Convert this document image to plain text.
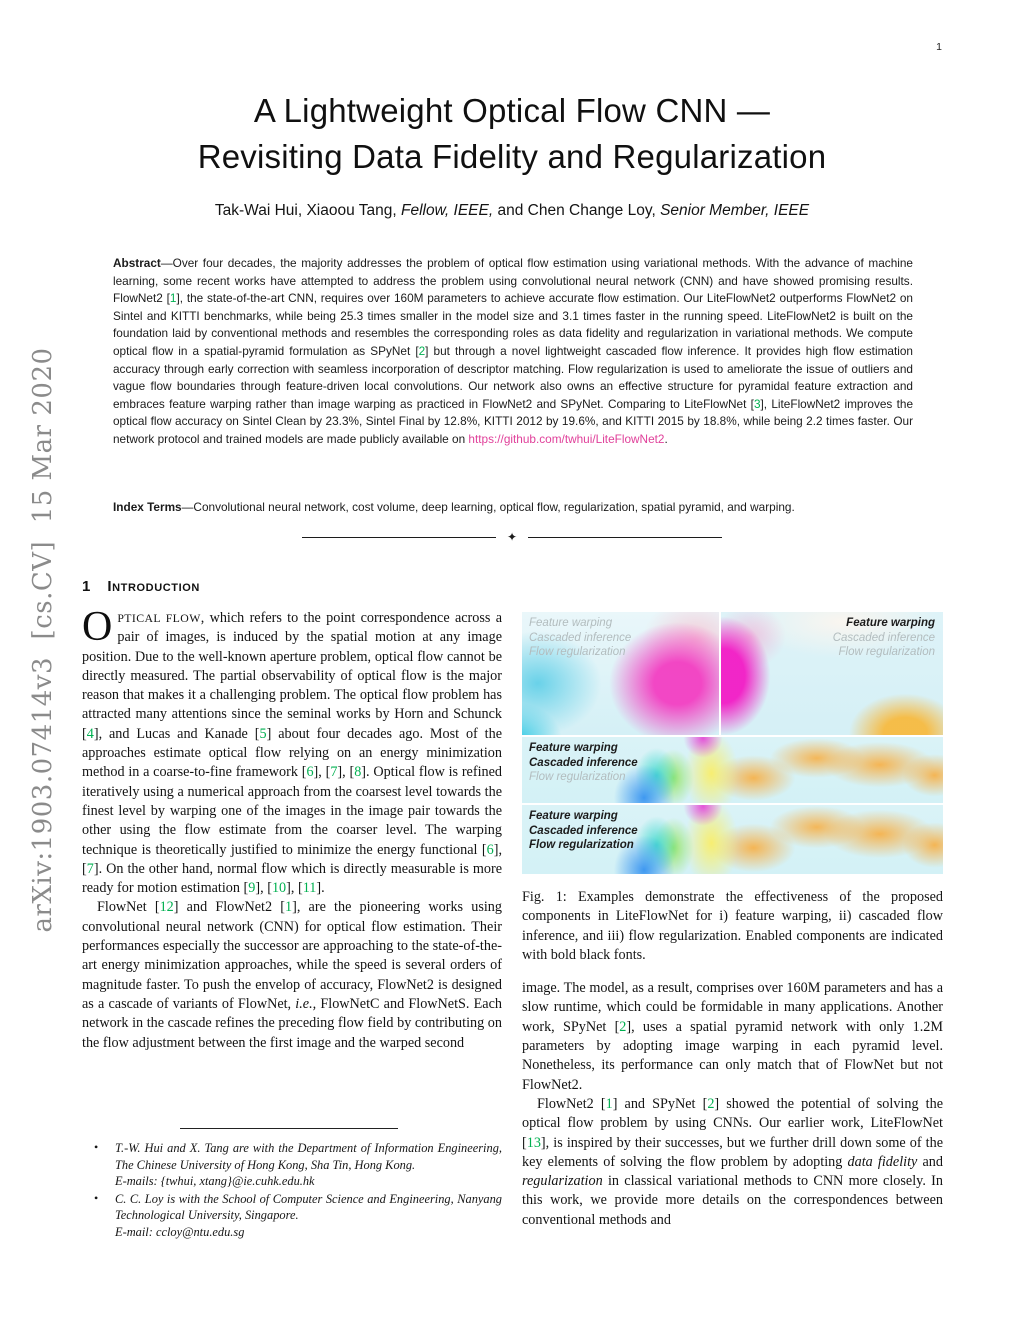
1
arXiv:1903.07414v3  [cs.CV]  15 Mar 2020
A Lightweight Optical Flow CNN —
Revisiting Data Fidelity and Regularization
Tak-Wai Hui, Xiaoou Tang, Fellow, IEEE, and Chen Change Loy, Senior Member, IEEE
Abstract—Over four decades, the majority addresses the problem of optical flow estimation using variational methods. With the advance of machine learning, some recent works have attempted to address the problem using convolutional neural network (CNN) and have showed promising results. FlowNet2 [1], the state-of-the-art CNN, requires over 160M parameters to achieve accurate flow estimation. Our LiteFlowNet2 outperforms FlowNet2 on Sintel and KITTI benchmarks, while being 25.3 times smaller in the model size and 3.1 times faster in the running speed. LiteFlowNet2 is built on the foundation laid by conventional methods and resembles the corresponding roles as data fidelity and regularization in variational methods. We compute optical flow in a spatial-pyramid formulation as SPyNet [2] but through a novel lightweight cascaded flow inference. It provides high flow estimation accuracy through early correction with seamless incorporation of descriptor matching. Flow regularization is used to ameliorate the issue of outliers and vague flow boundaries through feature-driven local convolutions. Our network also owns an effective structure for pyramidal feature extraction and embraces feature warping rather than image warping as practiced in FlowNet2 and SPyNet. Comparing to LiteFlowNet [3], LiteFlowNet2 improves the optical flow accuracy on Sintel Clean by 23.3%, Sintel Final by 12.8%, KITTI 2012 by 19.6%, and KITTI 2015 by 18.8%, while being 2.2 times faster. Our network protocol and trained models are made publicly available on https://github.com/twhui/LiteFlowNet2.
Index Terms—Convolutional neural network, cost volume, deep learning, optical flow, regularization, spatial pyramid, and warping.
✦
1 Introduction
OPTICAL FLOW, which refers to the point correspondence across a pair of images, is induced by the spatial motion at any image position. Due to the well-known aperture problem, optical flow cannot be directly measured. The partial observability of optical flow is the major reason that makes it a challenging problem. The optical flow problem has attracted many attentions since the seminal works by Horn and Schunck [4], and Lucas and Kanade [5] about four decades ago. Most of the approaches estimate optical flow relying on an energy minimization method in a coarse-to-fine framework [6], [7], [8]. Optical flow is refined iteratively using a numerical approach from the coarsest level towards the finest level by warping one of the images in the image pair towards the other using the flow estimate from the coarser level. The warping technique is theoretically justified to minimize the energy functional [6], [7]. On the other hand, normal flow which is directly measurable is more ready for motion estimation [9], [10], [11].
FlowNet [12] and FlowNet2 [1], are the pioneering works using convolutional neural network (CNN) for optical flow estimation. Their performances especially the successor are approaching to the state-of-the-art energy minimization approaches, while the speed is several orders of magnitude faster. To push the envelop of accuracy, FlowNet2 is designed as a cascade of variants of FlowNet, i.e., FlowNetC and FlowNetS. Each network in the cascade refines the preceding flow field by contributing on the flow adjustment between the first image and the warped second
Feature warping
Cascaded inference
Flow regularization
Feature warping
Cascaded inference
Flow regularization
Feature warping
Cascaded inference
Flow regularization
Feature warping
Cascaded inference
Flow regularization
Fig. 1: Examples demonstrate the effectiveness of the proposed components in LiteFlowNet for i) feature warping, ii) cascaded flow inference, and iii) flow regularization. Enabled components are indicated with bold black fonts.
image. The model, as a result, comprises over 160M parameters and has a slow runtime, which could be formidable in many applications. Another work, SPyNet [2], uses a spatial pyramid network with only 1.2M parameters by adopting image warping in each pyramid level. Nonetheless, its performance can only match that of FlowNet but not FlowNet2.
FlowNet2 [1] and SPyNet [2] showed the potential of solving the optical flow problem by using CNNs. Our earlier work, LiteFlowNet [13], is inspired by their successes, but we further drill down some of the key elements of solving the flow problem by adopting data fidelity and regularization in classical variational methods to CNN more closely. In this work, we provide more details on the correspondences between conventional methods and
•	T.-W. Hui and X. Tang are with the Department of Information Engineering, The Chinese University of Hong Kong, Sha Tin, Hong Kong.
E-mails: {twhui, xtang}@ie.cuhk.edu.hk
•	C. C. Loy is with the School of Computer Science and Engineering, Nanyang Technological University, Singapore.
E-mail: ccloy@ntu.edu.sg
